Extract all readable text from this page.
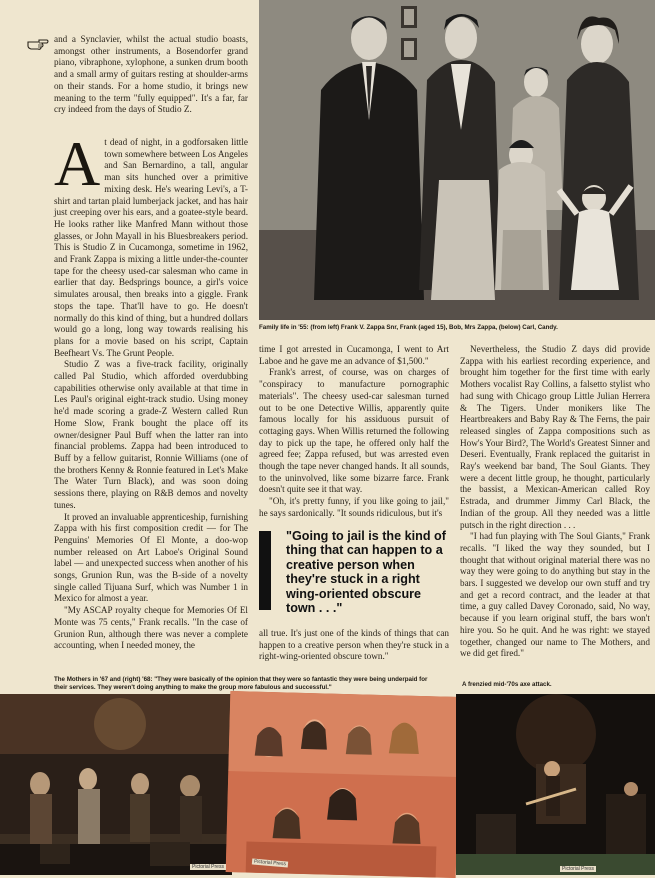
and a Synclavier, whilst the actual studio boasts, amongst other instruments, a Bosendorfer grand piano, vibraphone, xylophone, a sunken drum booth and a small army of guitars resting at shoulder-arms on their stands. For a home studio, it brings new meaning to the term "fully equipped". It's a far, far cry indeed from the days of Studio Z.

Family life in '55: (from left) Frank V. Zappa Snr, Frank (aged 15), Bob, Mrs Zappa, (below) Carl, Candy.
A t dead of night, in a godforsaken little town somewhere between Los Angeles and San Bernardino, a tall, angular man sits hunched over a primitive mixing desk. He's wearing Levi's, a T-shirt and tartan plaid lumberjack jacket, and has hair just creeping over his ears, and a goatee-style beard. He looks rather like Manfred Mann without those glasses, or John Mayall in his Bluesbreakers period. This is Studio Z in Cucamonga, sometime in 1962, and Frank Zappa is mixing a little under-the-counter tape for the cheesy used-car salesman who came in earlier that day. Bedsprings bounce, a girl's voice simulates arousal, then breaks into a giggle. Frank stops the tape. That'll have to go. He doesn't normally do this kind of thing, but a hundred dollars would go a long, long way towards realising his plans for a movie based on his script, Captain Beefheart Vs. The Grunt People.

Studio Z was a five-track facility, originally called Pal Studio, which afforded overdubbing capabilities otherwise only available at that time in Les Paul's original eight-track studio. Using money he'd made scoring a grade-Z Western called Run Home Slow, Frank bought the place off its owner/designer Paul Buff when the latter ran into financial problems. Zappa had been introduced to Buff by a fellow guitarist, Ronnie Williams (one of the brothers Kenny & Ronnie featured in Let's Make The Water Turn Black), and was soon doing sessions there, playing on R&B demos and novelty tunes.

It proved an invaluable apprenticeship, furnishing Zappa with his first composition credit — for The Penguins' Memories Of El Monte, a doo-wop number released on Art Laboe's Original Sound label — and unexpected success when another of his songs, Grunion Run, was the B-side of a novelty single called Tijuana Surf, which was Number 1 in Mexico for almost a year.

"My ASCAP royalty cheque for Memories Of El Monte was 75 cents," Frank recalls. "In the case of Grunion Run, although there was never a complete accounting, when I needed money, the

time I got arrested in Cucamonga, I went to Art Laboe and he gave me an advance of $1,500."

Frank's arrest, of course, was on charges of "conspiracy to manufacture pornographic materials". The cheesy used-car salesman turned out to be one Detective Willis, apparently quite famous locally for his assiduous pursuit of cottaging gays. When Willis returned the following day to pick up the tape, he offered only half the agreed fee; Zappa refused, but was arrested even though the tape never changed hands. It all sounds, to the uninvolved, like some bizarre farce. Frank doesn't quite see it that way.

"Oh, it's pretty funny, if you like going to jail," he says sardonically. "It sounds ridiculous, but it's

"Going to jail is the kind of thing that can happen to a creative person when they're stuck in a right wing-oriented obscure town . . ."

all true. It's just one of the kinds of things that can happen to a creative person when they're stuck in a right-wing-oriented obscure town."

Nevertheless, the Studio Z days did provide Zappa with his earliest recording experience, and brought him together for the first time with early Mothers vocalist Ray Collins, a falsetto stylist who had sung with Chicago group Little Julian Herrera & The Tigers. Under monikers like The Heartbreakers and Baby Ray & The Ferns, the pair released singles of Zappa compositions such as How's Your Bird?, The World's Greatest Sinner and Deseri. Eventually, Frank replaced the guitarist in Ray's weekend bar band, The Soul Giants. They were a decent little group, he thought, particularly the bassist, a Mexican-American called Roy Estrada, and drummer Jimmy Carl Black, the Indian of the group. All they needed was a little putsch in the right direction . . .

"I had fun playing with The Soul Giants," Frank recalls. "I liked the way they sounded, but I thought that without original material there was no way they were going to do anything but stay in the bars. I suggested we develop our own stuff and try and get a record contract, and the leader at that time, a guy called Davey Coronado, said, No way, because if you learn original stuff, the bars won't hire you. So he quit. And he was right: we stayed together, changed our name to The Mothers, and we did get fired."

The Mothers in '67 and (right) '68: "They were basically of the opinion that they were so fantastic they were being underpaid for their services. They weren't doing anything to make the group more fabulous and successful."	A frenzied mid-'70s axe attack.
Pictorial Press	Pictorial Press
Pictorial Press
